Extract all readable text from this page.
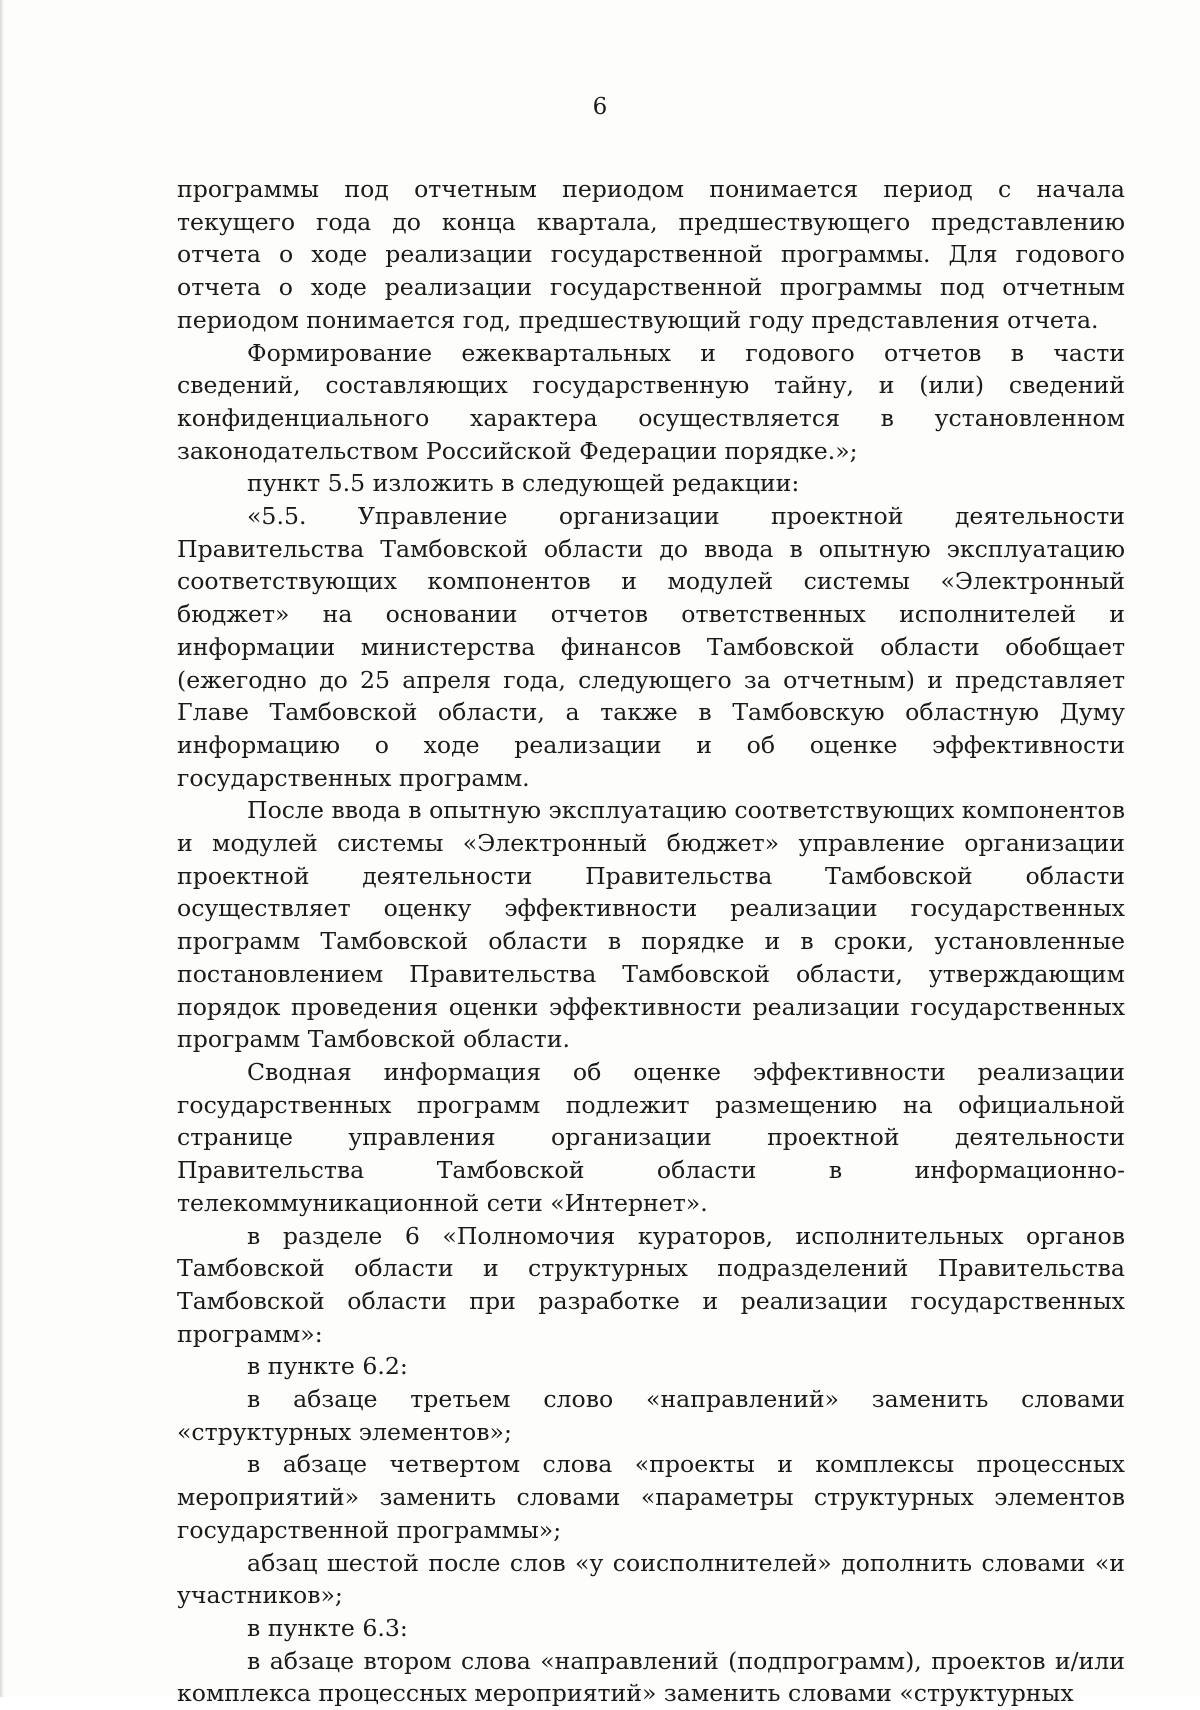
6

программы под отчетным периодом понимается период с начала текущего года до конца квартала, предшествующего представлению отчета о ходе реализации государственной программы. Для годового отчета о ходе реализации государственной программы под отчетным периодом понимается год, предшествующий году представления отчета.

Формирование ежеквартальных и годового отчетов в части сведений, составляющих государственную тайну, и (или) сведений конфиденциального характера осуществляется в установленном законодательством Российской Федерации порядке.»;

пункт 5.5 изложить в следующей редакции:

«5.5. Управление организации проектной деятельности Правительства Тамбовской области до ввода в опытную эксплуатацию соответствующих компонентов и модулей системы «Электронный бюджет» на основании отчетов ответственных исполнителей и информации министерства финансов Тамбовской области обобщает (ежегодно до 25 апреля года, следующего за отчетным) и представляет Главе Тамбовской области, а также в Тамбовскую областную Думу информацию о ходе реализации и об оценке эффективности государственных программ.

После ввода в опытную эксплуатацию соответствующих компонентов и модулей системы «Электронный бюджет» управление организации проектной деятельности Правительства Тамбовской области осуществляет оценку эффективности реализации государственных программ Тамбовской области в порядке и в сроки, установленные постановлением Правительства Тамбовской области, утверждающим порядок проведения оценки эффективности реализации государственных программ Тамбовской области.

Сводная информация об оценке эффективности реализации государственных программ подлежит размещению на официальной странице управления организации проектной деятельности Правительства Тамбовской области в информационно-телекоммуникационной сети «Интернет».

в разделе 6 «Полномочия кураторов, исполнительных органов Тамбовской области и структурных подразделений Правительства Тамбовской области при разработке и реализации государственных программ»:

в пункте 6.2:

в абзаце третьем слово «направлений» заменить словами «структурных элементов»;

в абзаце четвертом слова «проекты и комплексы процессных мероприятий» заменить словами «параметры структурных элементов государственной программы»;

абзац шестой после слов «у соисполнителей» дополнить словами «и участников»;

в пункте 6.3:

в абзаце втором слова «направлений (подпрограмм), проектов и/или комплекса процессных мероприятий» заменить словами «структурных
